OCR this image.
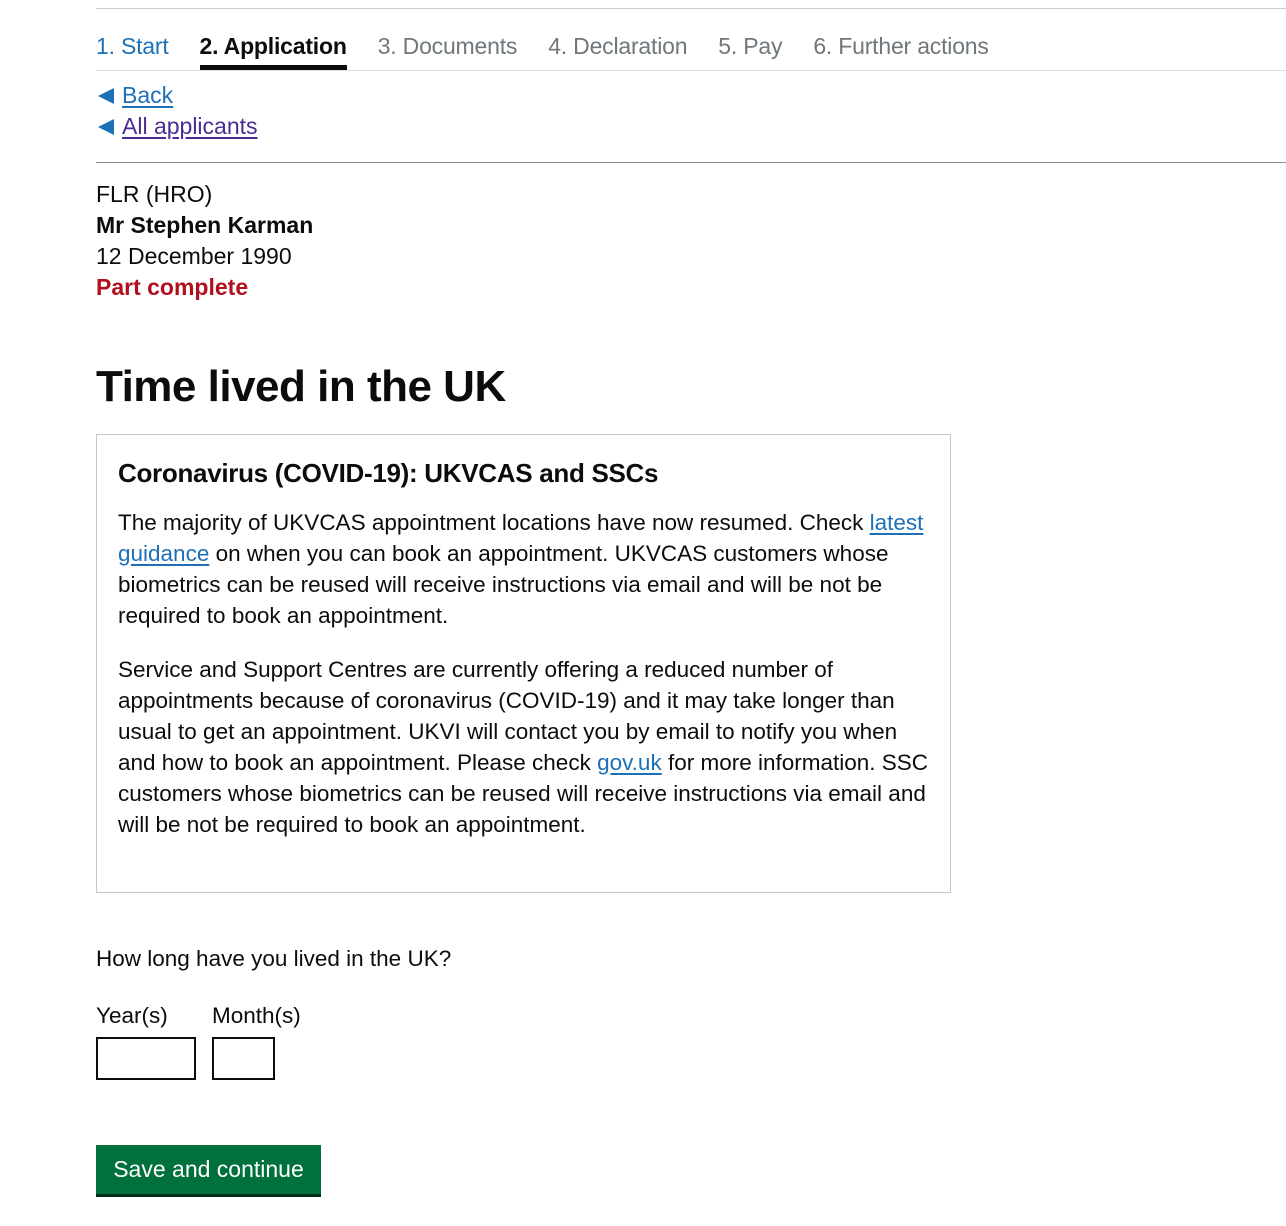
1. Start 2. Application 3. Documents 4. Declaration 5. Pay 6. Further actions
Back
All applicants
FLR (HRO)
Mr Stephen Karman
12 December 1990
Part complete
Time lived in the UK
Coronavirus (COVID-19): UKVCAS and SSCs

The majority of UKVCAS appointment locations have now resumed. Check latest guidance on when you can book an appointment. UKVCAS customers whose biometrics can be reused will receive instructions via email and will be not be required to book an appointment.

Service and Support Centres are currently offering a reduced number of appointments because of coronavirus (COVID-19) and it may take longer than usual to get an appointment. UKVI will contact you by email to notify you when and how to book an appointment. Please check gov.uk for more information. SSC customers whose biometrics can be reused will receive instructions via email and will be not be required to book an appointment.

How long have you lived in the UK?
Year(s)	Month(s)
Save and continue
